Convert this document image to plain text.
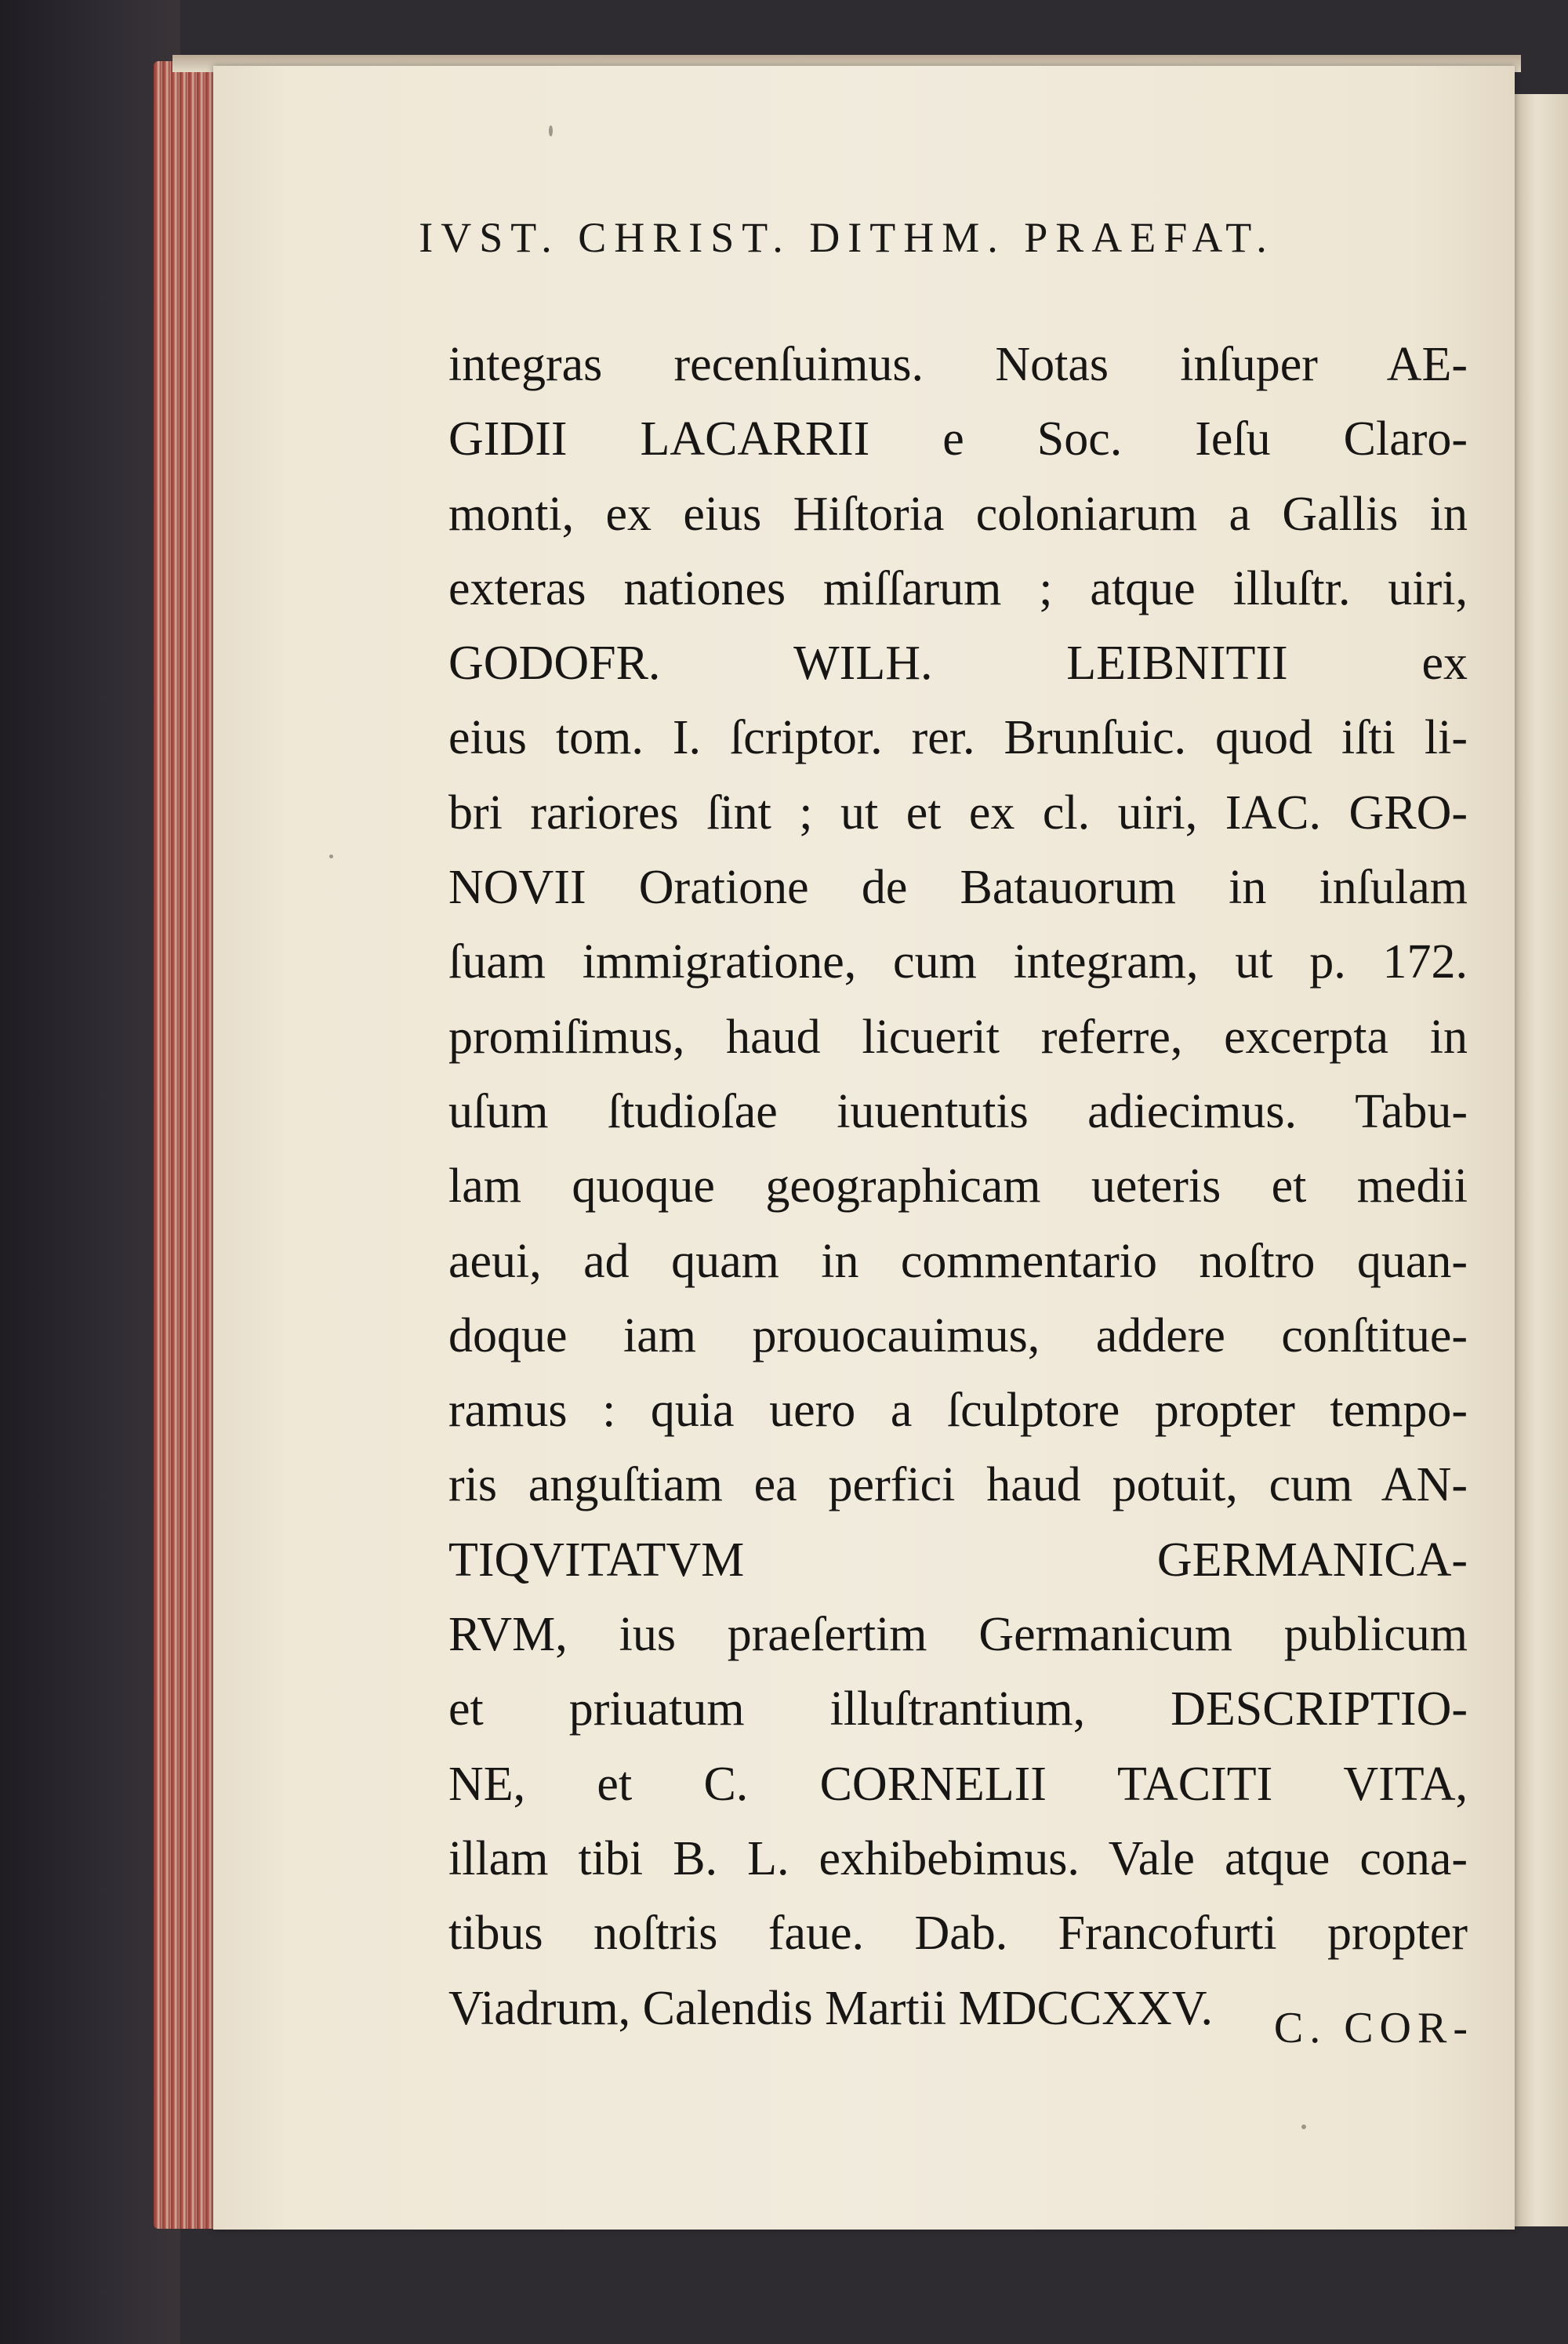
IVST. CHRIST. DITHM. PRAEFAT.
integras recenſuimus. Notas inſuper AE-
GIDII LACARRII e Soc. Ieſu Claro-
monti, ex eius Hiſtoria coloniarum a Gallis in
exteras nationes miſſarum ; atque illuſtr. uiri,
GODOFR. WILH. LEIBNITII ex
eius tom. I. ſcriptor. rer. Brunſuic. quod iſti li-
bri rariores ſint ; ut et ex cl. uiri, IAC. GRO-
NOVII Oratione de Batauorum in inſulam
ſuam immigratione, cum integram, ut p. 172.
promiſimus, haud licuerit referre, excerpta in
uſum ſtudioſae iuuentutis adiecimus. Tabu-
lam quoque geographicam ueteris et medii
aeui, ad quam in commentario noſtro quan-
doque iam prouocauimus, addere conſtitue-
ramus : quia uero a ſculptore propter tempo-
ris anguſtiam ea perfici haud potuit, cum AN-
TIQVITATVM GERMANICA-
RVM, ius praeſertim Germanicum publicum
et priuatum illuſtrantium, DESCRIPTIO-
NE, et C. CORNELII TACITI VITA,
illam tibi B. L. exhibebimus. Vale atque cona-
tibus noſtris faue. Dab. Francofurti propter
Viadrum, Calendis Martii MDCCXXV.	C. COR-
